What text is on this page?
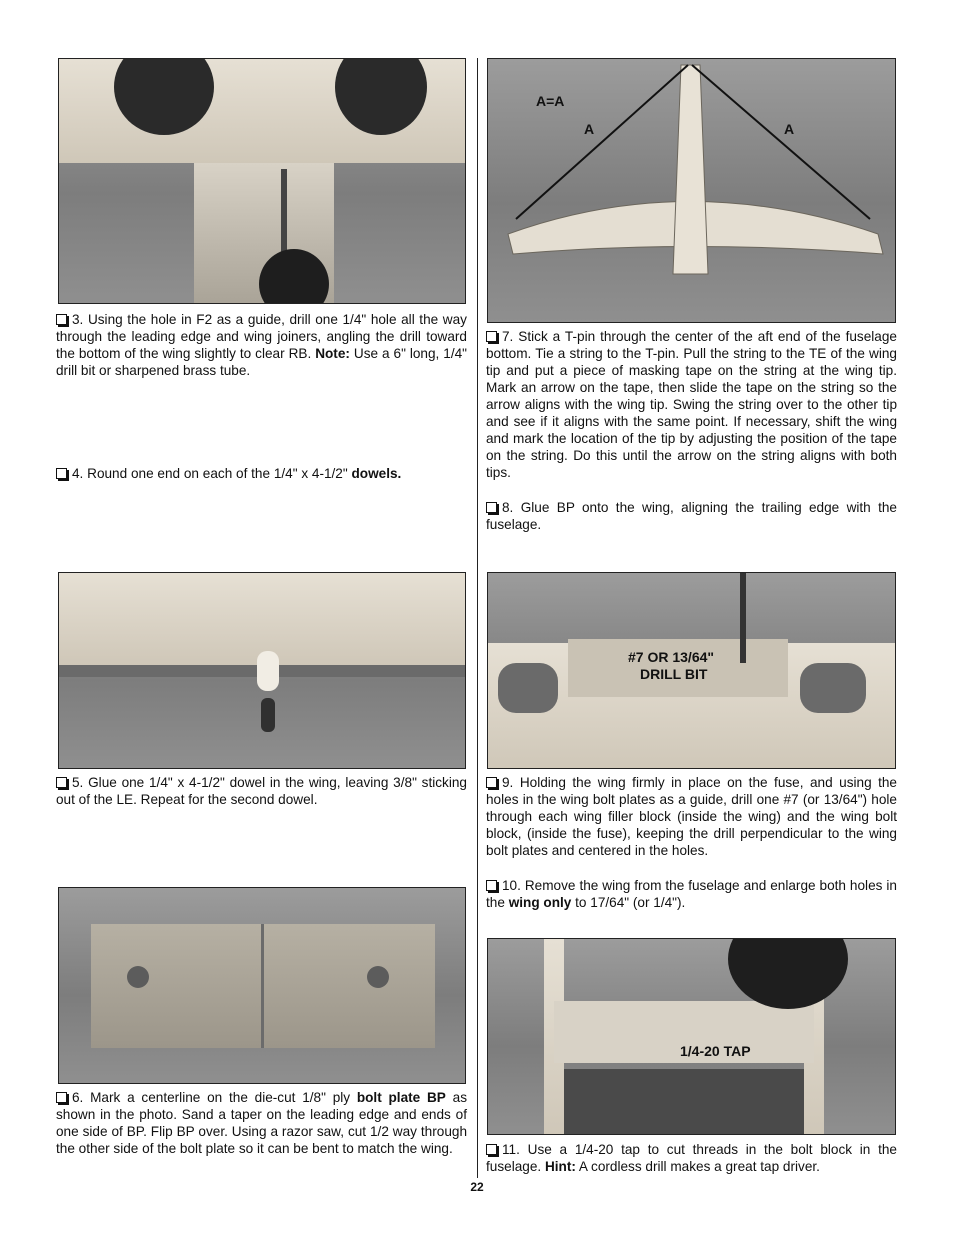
3. Using the hole in F2 as a guide, drill one 1/4" hole all the way through the leading edge and wing joiners, angling the drill toward the bottom of the wing slightly to clear RB. Note: Use a 6" long, 1/4" drill bit or sharpened brass tube.

4. Round one end on each of the 1/4" x 4-1/2" dowels.

A=A
A	A

7. Stick a T-pin through the center of the aft end of the fuselage bottom. Tie a string to the T-pin. Pull the string to the TE of the wing tip and put a piece of masking tape on the string at the wing tip. Mark an arrow on the tape, then slide the tape on the string so the arrow aligns with the wing tip. Swing the string over to the other tip and see if it aligns with the same point. If necessary, shift the wing and mark the location of the tip by adjusting the position of the tape on the string. Do this until the arrow on the string aligns with both tips.

8. Glue BP onto the wing, aligning the trailing edge with the fuselage.

5. Glue one 1/4" x 4-1/2" dowel in the wing, leaving 3/8" sticking out of the LE. Repeat for the second dowel.

#7 OR 13/64"
DRILL BIT

9. Holding the wing firmly in place on the fuse, and using the holes in the wing bolt plates as a guide, drill one #7 (or 13/64") hole through each wing filler block (inside the wing) and the wing bolt block, (inside the fuse), keeping the drill perpendicular to the wing bolt plates and centered in the holes.

10. Remove the wing from the fuselage and enlarge both holes in the wing only to 17/64" (or 1/4").

6. Mark a centerline on the die-cut 1/8" ply bolt plate BP as shown in the photo. Sand a taper on the leading edge and ends of one side of BP. Flip BP over. Using a razor saw, cut 1/2 way through the other side of the bolt plate so it can be bent to match the wing.

1/4-20 TAP

11. Use a 1/4-20 tap to cut threads in the bolt block in the fuselage. Hint: A cordless drill makes a great tap driver.

22
